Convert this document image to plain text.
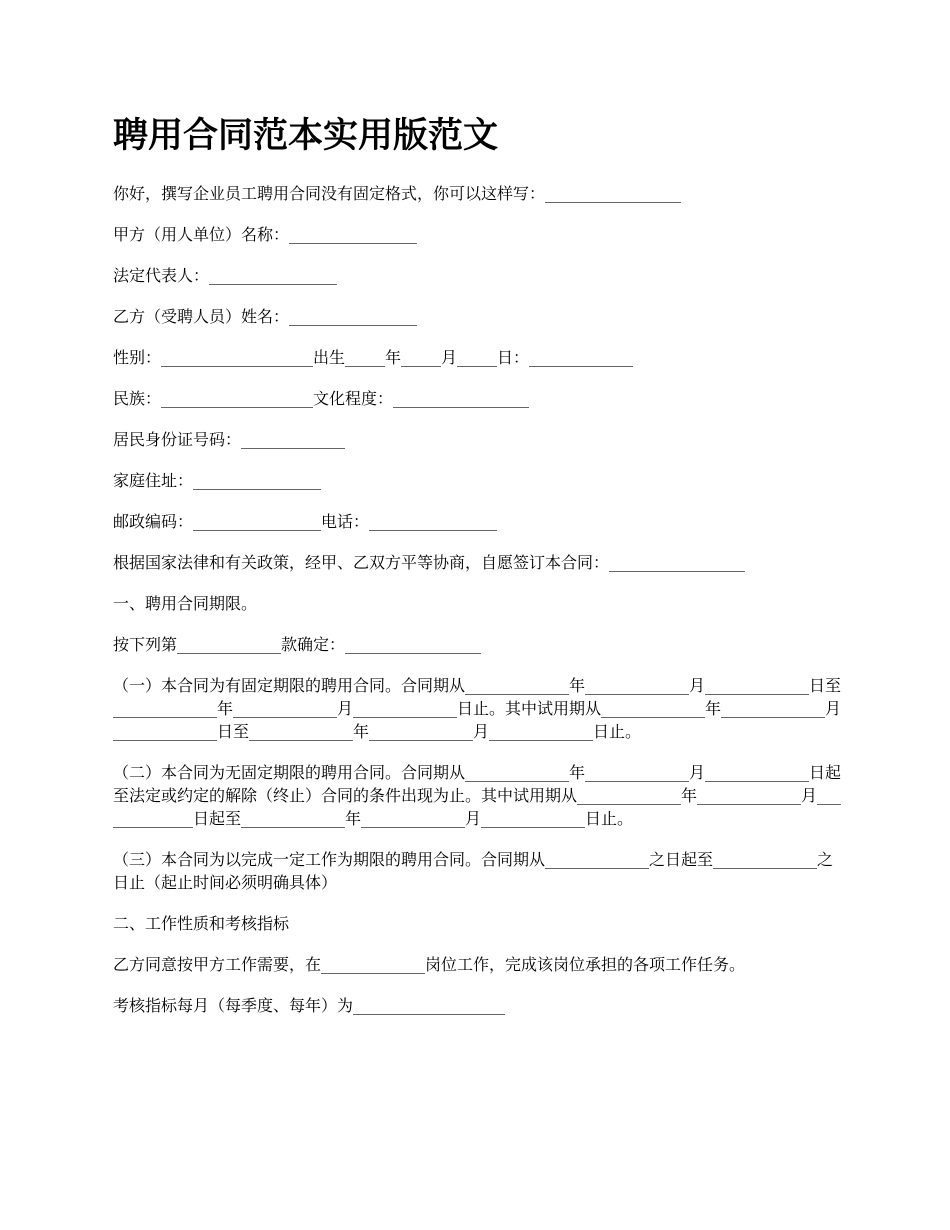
聘用合同范本实用版范文
你好，撰写企业员工聘用合同没有固定格式，你可以这样写：_________________
甲方（用人单位）名称：________________
法定代表人：________________
乙方（受聘人员）姓名：________________
性别：___________________出生_____年_____月_____日：_____________
民族：___________________文化程度：_________________
居民身份证号码：_____________
家庭住址：________________
邮政编码：________________电话：________________
根据国家法律和有关政策，经甲、乙双方平等协商，自愿签订本合同：_________________
一、聘用合同期限。
按下列第_____________款确定：_________________
（一）本合同为有固定期限的聘用合同。合同期从_____________年_____________月_____________日至_____________年_____________月_____________日止。其中试用期从_____________年_____________月_____________日至_____________年_____________月_____________日止。
（二）本合同为无固定期限的聘用合同。合同期从_____________年_____________月_____________日起至法定或约定的解除（终止）合同的条件出现为止。其中试用期从_____________年_____________月_____________日起至_____________年_____________月_____________日止。
（三）本合同为以完成一定工作为期限的聘用合同。合同期从_____________之日起至_____________之日止（起止时间必须明确具体）
二、工作性质和考核指标
乙方同意按甲方工作需要，在_____________岗位工作，完成该岗位承担的各项工作任务。
考核指标每月（每季度、每年）为___________________
